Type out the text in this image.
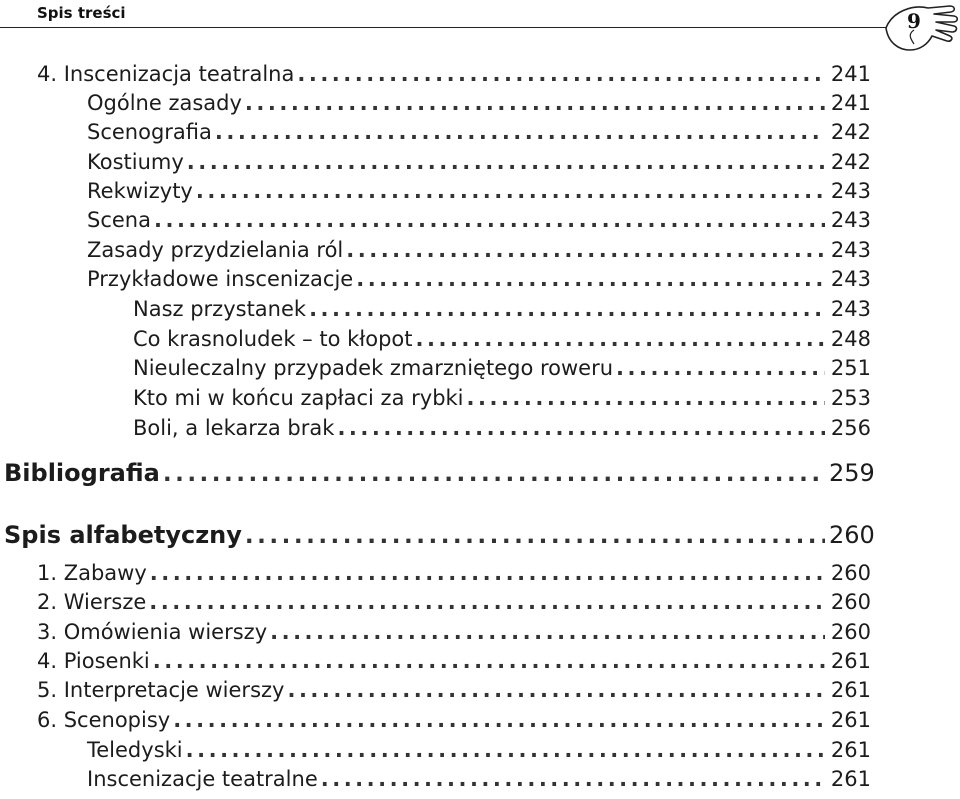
Spis treści	9
4. Inscenizacja teatralna .....	241
Ogólne zasady .....	241
Scenografia .....	242
Kostiumy .....	242
Rekwizyty .....	243
Scena .....	243
Zasady przydzielania ról .....	243
Przykładowe inscenizacje .....	243
Nasz przystanek .....	243
Co krasnoludek – to kłopot .....	248
Nieuleczalny przypadek zmarzniętego roweru .....	251
Kto mi w końcu zapłaci za rybki .....	253
Boli, a lekarza brak .....	256
Bibliografia .....	259
Spis alfabetyczny .....	260
1. Zabawy .....	260
2. Wiersze .....	260
3. Omówienia wierszy .....	260
4. Piosenki .....	261
5. Interpretacje wierszy .....	261
6. Scenopisy .....	261
Teledyski .....	261
Inscenizacje teatralne .....	261
